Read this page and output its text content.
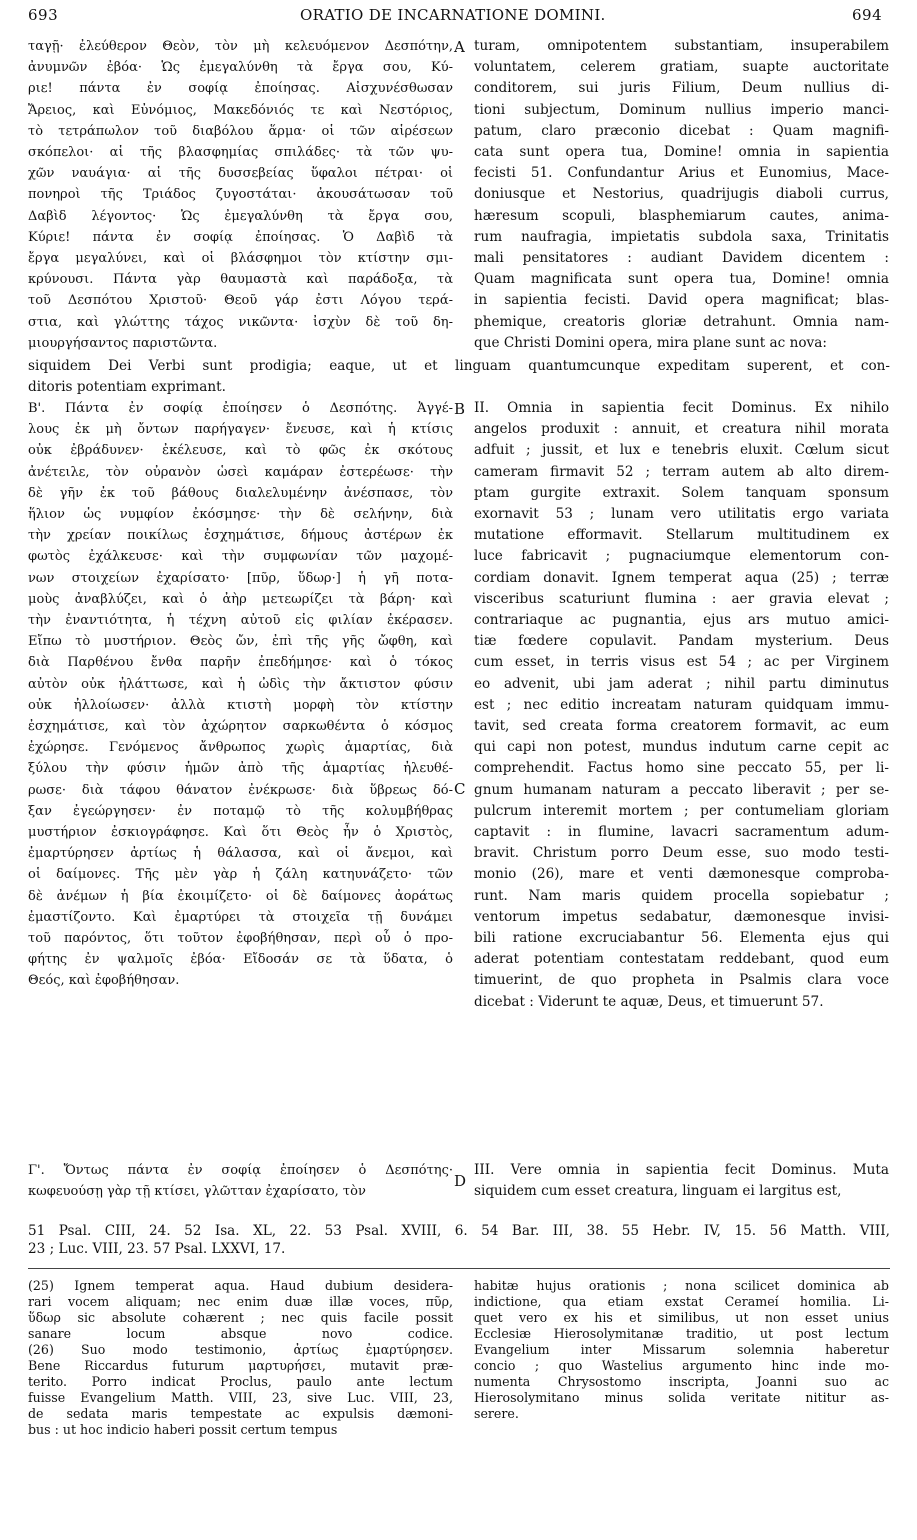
693	ORATIO DE INCARNATIONE DOMINI.	694
ταγῇ· ἐλεύθερον Θεὸν, τὸν μὴ κελευόμενον Δεσπότην,
ἀνυμνῶν ἐβόα· Ὡς ἐμεγαλύνθη τὰ ἔργα σου, Κύ-
ριε! πάντα ἐν σοφίᾳ ἐποίησας. Αἰσχυνέσθωσαν
Ἄρειος, καὶ Εὐνόμιος, Μακεδόνιός τε καὶ Νεστόριος,
τὸ τετράπωλον τοῦ διαβόλου ἅρμα· οἱ τῶν αἱρέσεων
σκόπελοι· αἱ τῆς βλασφημίας σπιλάδες· τὰ τῶν ψυ-
χῶν ναυάγια· αἱ τῆς δυσσεβείας ὕφαλοι πέτραι· οἱ
πονηροὶ τῆς Τριάδος ζυγοστάται· ἀκουσάτωσαν τοῦ
Δαβὶδ λέγοντος· Ὡς ἐμεγαλύνθη τὰ ἔργα σου,
Κύριε! πάντα ἐν σοφίᾳ ἐποίησας. Ὁ Δαβὶδ τὰ
ἔργα μεγαλύνει, καὶ οἱ βλάσφημοι τὸν κτίστην σμι-
κρύνουσι. Πάντα γὰρ θαυμαστὰ καὶ παράδοξα, τὰ
τοῦ Δεσπότου Χριστοῦ· Θεοῦ γάρ ἐστι Λόγου τερά-
στια, καὶ γλώττης τάχος νικῶντα· ἰσχὺν δὲ τοῦ δη-
μιουργήσαντος παριστῶντα.
A turam, omnipotentem substantiam, insuperabilem
voluntatem, celerem gratiam, suapte auctoritate
conditorem, sui juris Filium, Deum nullius di-
tioni subjectum, Dominum nullius imperio manci-
patum, claro præconio dicebat : Quam magnifi-
cata sunt opera tua, Domine! omnia in sapientia
fecisti 51. Confundantur Arius et Eunomius, Mace-
doniusque et Nestorius, quadrijugis diaboli currus,
hæresum scopuli, blasphemiarum cautes, anima-
rum naufragia, impietatis subdola saxa, Trinitatis
mali pensitatores : audiant Davidem dicentem :
Quam magnificata sunt opera tua, Domine! omnia
in sapientia fecisti. David opera magnificat; blas-
phemique, creatoris gloriæ detrahunt. Omnia nam-
que Christi Domini opera, mira plane sunt ac nova:
siquidem Dei Verbi sunt prodigia; eaque, ut et linguam quantumcunque expeditam superent, et con-
ditoris potentiam exprimant.
Β'. Πάντα ἐν σοφίᾳ ἐποίησεν ὁ Δεσπότης. Ἀγγέ-
λους ἐκ μὴ ὄντων παρήγαγεν· ἔνευσε, καὶ ἡ κτίσις
οὐκ ἐβράδυνεν· ἐκέλευσε, καὶ τὸ φῶς ἐκ σκότους
ἀνέτειλε, τὸν οὐρανὸν ὡσεὶ καμάραν ἐστερέωσε· τὴν
δὲ γῆν ἐκ τοῦ βάθους διαλελυμένην ἀνέσπασε, τὸν
ἥλιον ὡς νυμφίον ἐκόσμησε· τὴν δὲ σελήνην, διὰ
τὴν χρείαν ποικίλως ἐσχημάτισε, δήμους ἀστέρων ἐκ
φωτὸς ἐχάλκευσε· καὶ τὴν συμφωνίαν τῶν μαχομέ-
νων στοιχείων ἐχαρίσατο· [πῦρ, ὕδωρ·] ἡ γῆ ποτα-
μοὺς ἀναβλύζει, καὶ ὁ ἀὴρ μετεωρίζει τὰ βάρη· καὶ
τὴν ἐναντιότητα, ἡ τέχνη αὐτοῦ εἰς φιλίαν ἐκέρασεν.
Εἴπω τὸ μυστήριον. Θεὸς ὤν, ἐπὶ τῆς γῆς ὤφθη, καὶ
διὰ Παρθένου ἔνθα παρῆν ἐπεδήμησε· καὶ ὁ τόκος
αὐτὸν οὐκ ἠλάττωσε, καὶ ἡ ὠδὶς τὴν ἄκτιστον φύσιν
οὐκ ἠλλοίωσεν· ἀλλὰ κτιστὴ μορφὴ τὸν κτίστην
ἐσχημάτισε, καὶ τὸν ἀχώρητον σαρκωθέντα ὁ κόσμος
ἐχώρησε. Γενόμενος ἄνθρωπος χωρὶς ἁμαρτίας, διὰ
ξύλου τὴν φύσιν ἡμῶν ἀπὸ τῆς ἁμαρτίας ἠλευθέ-
ρωσε· διὰ τάφου θάνατον ἐνέκρωσε· διὰ ὕβρεως δό-
ξαν ἐγεώργησεν· ἐν ποταμῷ τὸ τῆς κολυμβήθρας
μυστήριον ἐσκιογράφησε. Καὶ ὅτι Θεὸς ἦν ὁ Χριστὸς,
ἐμαρτύρησεν ἀρτίως ἡ θάλασσα, καὶ οἱ ἄνεμοι, καὶ
οἱ δαίμονες. Τῆς μὲν γὰρ ἡ ζάλη κατηυνάζετο· τῶν
δὲ ἀνέμων ἡ βία ἐκοιμίζετο· οἱ δὲ δαίμονες ἀοράτως
ἐμαστίζοντο. Καὶ ἐμαρτύρει τὰ στοιχεῖα τῇ δυνάμει
τοῦ παρόντος, ὅτι τοῦτον ἐφοβήθησαν, περὶ οὗ ὁ προ-
φήτης ἐν ψαλμοῖς ἐβόα· Εἴδοσάν σε τὰ ὕδατα, ὁ
Θεός, καὶ ἐφοβήθησαν.
B II. Omnia in sapientia fecit Dominus. Ex nihilo
angelos produxit : annuit, et creatura nihil morata
adfuit ; jussit, et lux e tenebris eluxit. Cœlum sicut
cameram firmavit 52 ; terram autem ab alto direm-
ptam gurgite extraxit. Solem tanquam sponsum
exornavit 53 ; lunam vero utilitatis ergo variata
mutatione efformavit. Stellarum multitudinem ex
luce fabricavit ; pugnaciumque elementorum con-
cordiam donavit. Ignem temperat aqua (25) ; terræ
visceribus scaturiunt flumina : aer gravia elevat ;
contrariaque ac pugnantia, ejus ars mutuo amici-
tiæ fœdere copulavit. Pandam mysterium. Deus
cum esset, in terris visus est 54 ; ac per Virginem
eo advenit, ubi jam aderat ; nihil partu diminutus
est ; nec editio increatam naturam quidquam immu-
tavit, sed creata forma creatorem formavit, ac eum
qui capi non potest, mundus indutum carne cepit ac
comprehendit. Factus homo sine peccato 55, per li-
gnum humanam naturam a peccato liberavit ; per se-
pulcrum interemit mortem ; per contumeliam gloriam
captavit : in flumine, lavacri sacramentum adum-
bravit. Christum porro Deum esse, suo modo testi-
monio (26), mare et venti dæmonesque comproba-
runt. Nam maris quidem procella sopiebatur ;
ventorum impetus sedabatur, dæmonesque invisi-
bili ratione excruciabantur 56. Elementa ejus qui
aderat potentiam contestatam reddebant, quod eum
timuerint, de quo propheta in Psalmis clara voce
dicebat : Viderunt te aquæ, Deus, et timuerunt 57.
C
Γ'. Ὄντως πάντα ἐν σοφίᾳ ἐποίησεν ὁ Δεσπότης·
κωφευούσῃ γὰρ τῇ κτίσει, γλῶτταν ἐχαρίσατο, τὸν
D
III. Vere omnia in sapientia fecit Dominus. Muta
siquidem cum esset creatura, linguam ei largitus est,
51 Psal. CIII, 24. 52 Isa. XL, 22. 53 Psal. XVIII, 6. 54 Bar. III, 38. 55 Hebr. IV, 15. 56 Matth. VIII,
23 ; Luc. VIII, 23. 57 Psal. LXXVI, 17.
(25) Ignem temperat aqua. Haud dubium desidera-
rari vocem aliquam; nec enim duæ illæ voces, πῦρ,
ὕδωρ sic absolute cohærent ; nec quis facile possit
sanare locum absque novo codice.
(26) Suo modo testimonio, ἀρτίως ἐμαρτύρησεν.
Bene Riccardus futurum μαρτυρήσει, mutavit præ-
terito. Porro indicat Proclus, paulo ante lectum
fuisse Evangelium Matth. VIII, 23, sive Luc. VIII, 23,
de sedata maris tempestate ac expulsis dæmoni-
bus : ut hoc indicio haberi possit certum tempus
habitæ hujus orationis ; nona scilicet dominica ab
indictione, qua etiam exstat Cerameí homilia. Li-
quet vero ex his et similibus, ut non esset unius
Ecclesiæ Hierosolymitanæ traditio, ut post lectum
Evangelium inter Missarum solemnia haberetur
concio ; quo Wastelius argumento hinc inde mo-
numenta Chrysostomo inscripta, Joanni suo ac
Hierosolymitano minus solida veritate nititur as-
serere.
